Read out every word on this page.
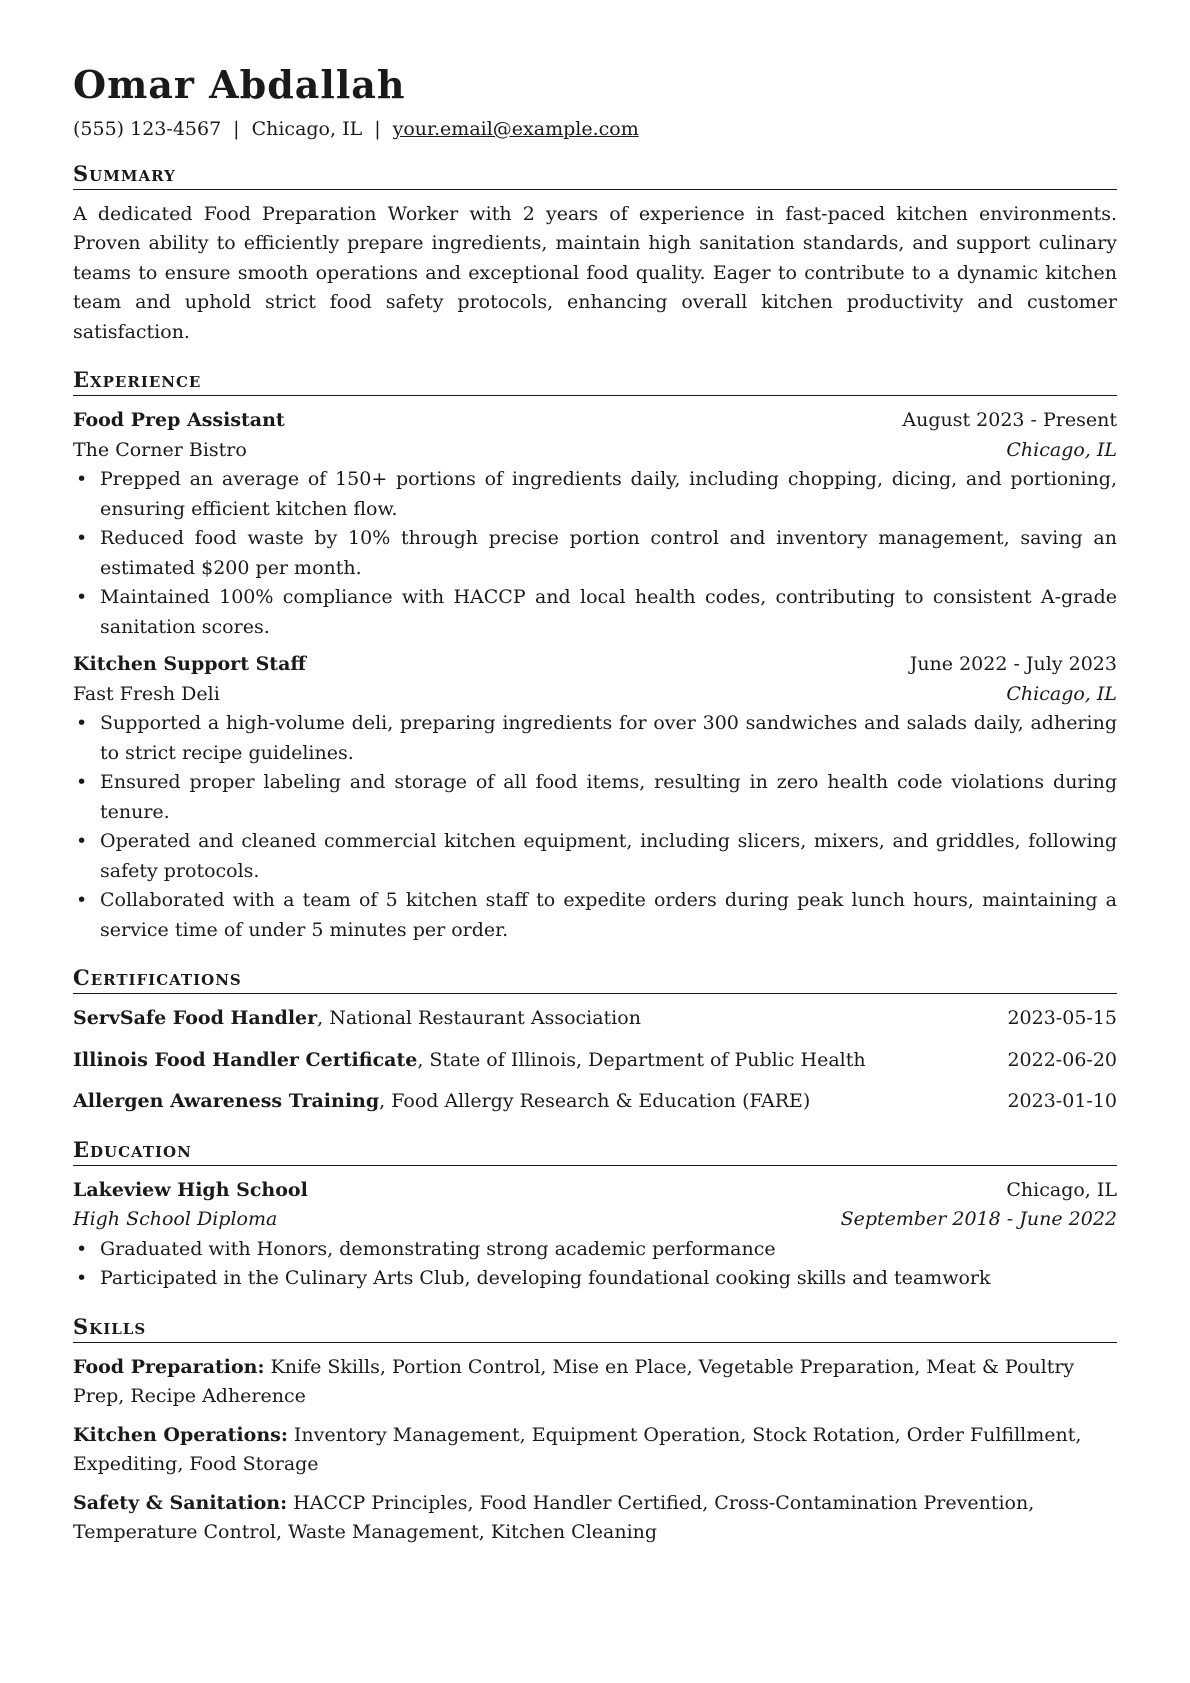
Omar Abdallah
(555) 123-4567 | Chicago, IL | your.email@example.com
Summary
A dedicated Food Preparation Worker with 2 years of experience in fast-paced kitchen environments. Proven ability to efficiently prepare ingredients, maintain high sanitation standards, and support culinary teams to ensure smooth operations and exceptional food quality. Eager to contribute to a dynamic kitchen team and uphold strict food safety protocols, enhancing overall kitchen productivity and customer satisfaction.
Experience
Food Prep Assistant	August 2023 - Present
The Corner Bistro	Chicago, IL
• Prepped an average of 150+ portions of ingredients daily, including chopping, dicing, and portioning, ensuring efficient kitchen flow.
• Reduced food waste by 10% through precise portion control and inventory management, saving an estimated $200 per month.
• Maintained 100% compliance with HACCP and local health codes, contributing to consistent A-grade sanitation scores.
Kitchen Support Staff	June 2022 - July 2023
Fast Fresh Deli	Chicago, IL
• Supported a high-volume deli, preparing ingredients for over 300 sandwiches and salads daily, adhering to strict recipe guidelines.
• Ensured proper labeling and storage of all food items, resulting in zero health code violations during tenure.
• Operated and cleaned commercial kitchen equipment, including slicers, mixers, and griddles, following safety protocols.
• Collaborated with a team of 5 kitchen staff to expedite orders during peak lunch hours, maintaining a service time of under 5 minutes per order.
Certifications
ServSafe Food Handler, National Restaurant Association	2023-05-15
Illinois Food Handler Certificate, State of Illinois, Department of Public Health	2022-06-20
Allergen Awareness Training, Food Allergy Research & Education (FARE)	2023-01-10
Education
Lakeview High School	Chicago, IL
High School Diploma	September 2018 - June 2022
• Graduated with Honors, demonstrating strong academic performance
• Participated in the Culinary Arts Club, developing foundational cooking skills and teamwork
Skills
Food Preparation: Knife Skills, Portion Control, Mise en Place, Vegetable Preparation, Meat & Poultry Prep, Recipe Adherence
Kitchen Operations: Inventory Management, Equipment Operation, Stock Rotation, Order Fulfillment, Expediting, Food Storage
Safety & Sanitation: HACCP Principles, Food Handler Certified, Cross-Contamination Prevention, Temperature Control, Waste Management, Kitchen Cleaning
